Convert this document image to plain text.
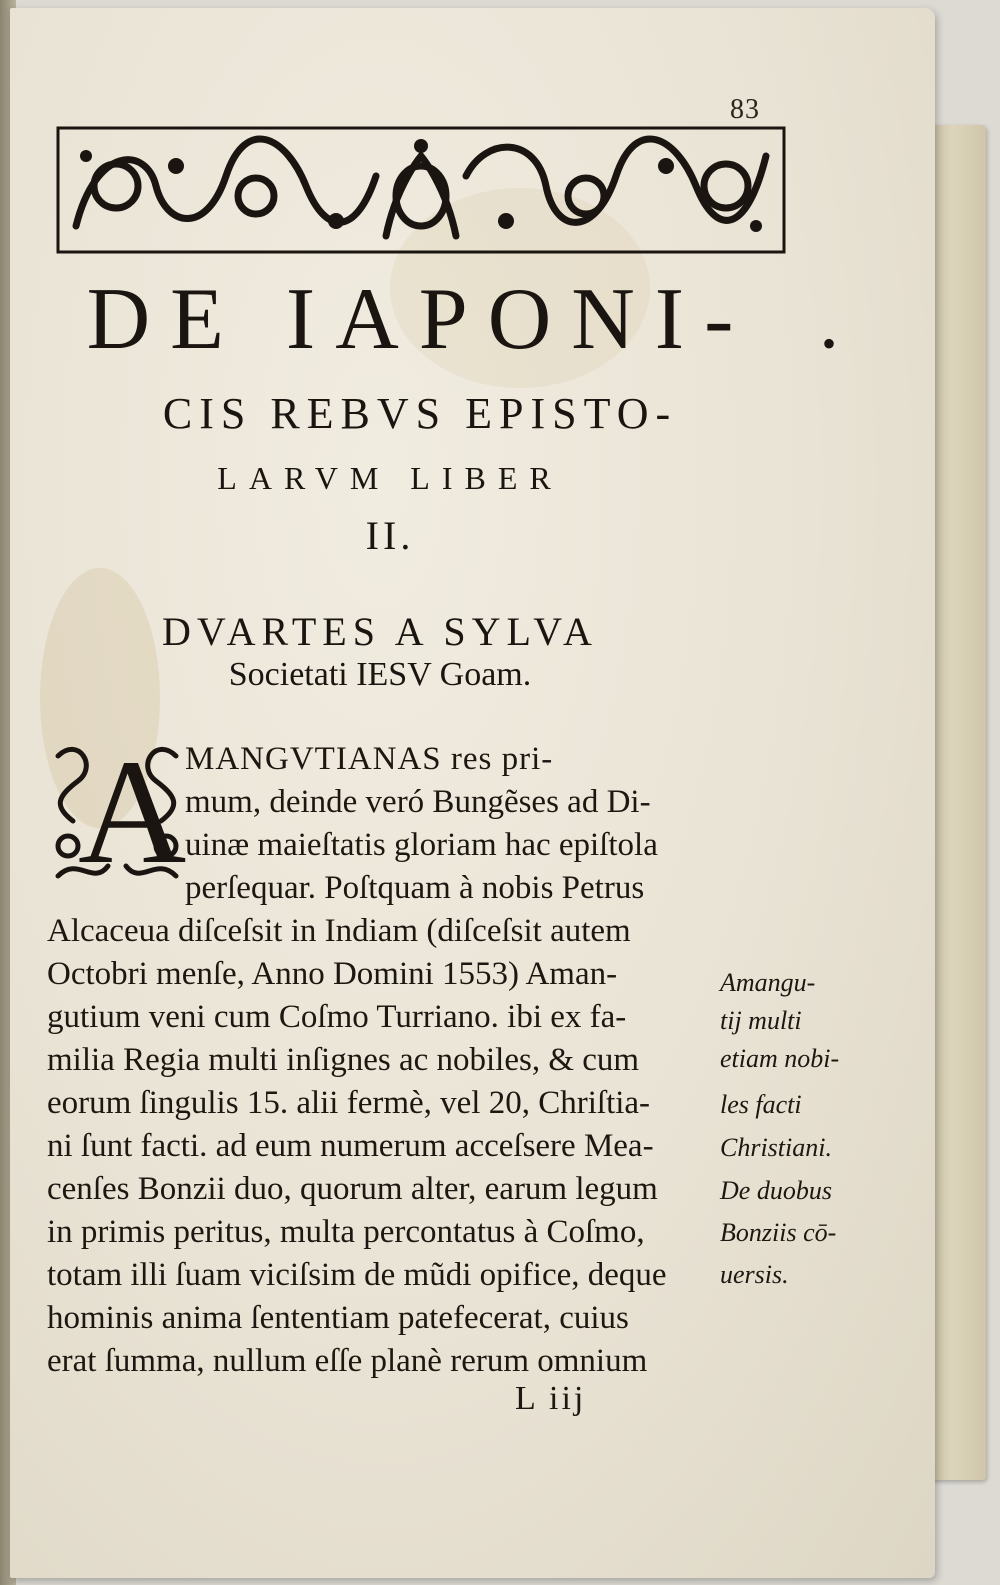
83
DE IAPONI-	•
CIS REBVS EPISTO-
LARVM LIBER
II.
DVARTES A SYLVA
Societati IESV Goam.
A
MANGVTIANAS res pri-
mum, deinde veró Bungẽses ad Di-
uinæ maieſtatis gloriam hac epiſtola
perſequar. Poſtquam à nobis Petrus
Alcaceua diſceſsit in Indiam (diſceſsit autem
Octobri menſe, Anno Domini 1553) Aman-
gutium veni cum Coſmo Turriano. ibi ex fa-
milia Regia multi inſignes ac nobiles, & cum
eorum ſingulis 15. alii fermè, vel 20, Chriſtia-
ni ſunt facti. ad eum numerum acceſsere Mea-
cenſes Bonzii duo, quorum alter, earum legum
in primis peritus, multa percontatus à Coſmo,
totam illi ſuam viciſsim de mũdi opifice, deque
hominis anima ſententiam patefecerat, cuius
erat ſumma, nullum eſſe planè rerum omnium
Amangu-
tij multi
etiam nobi-
les facti
Christiani.
De duobus
Bonziis cō-
uersis.
L iij
